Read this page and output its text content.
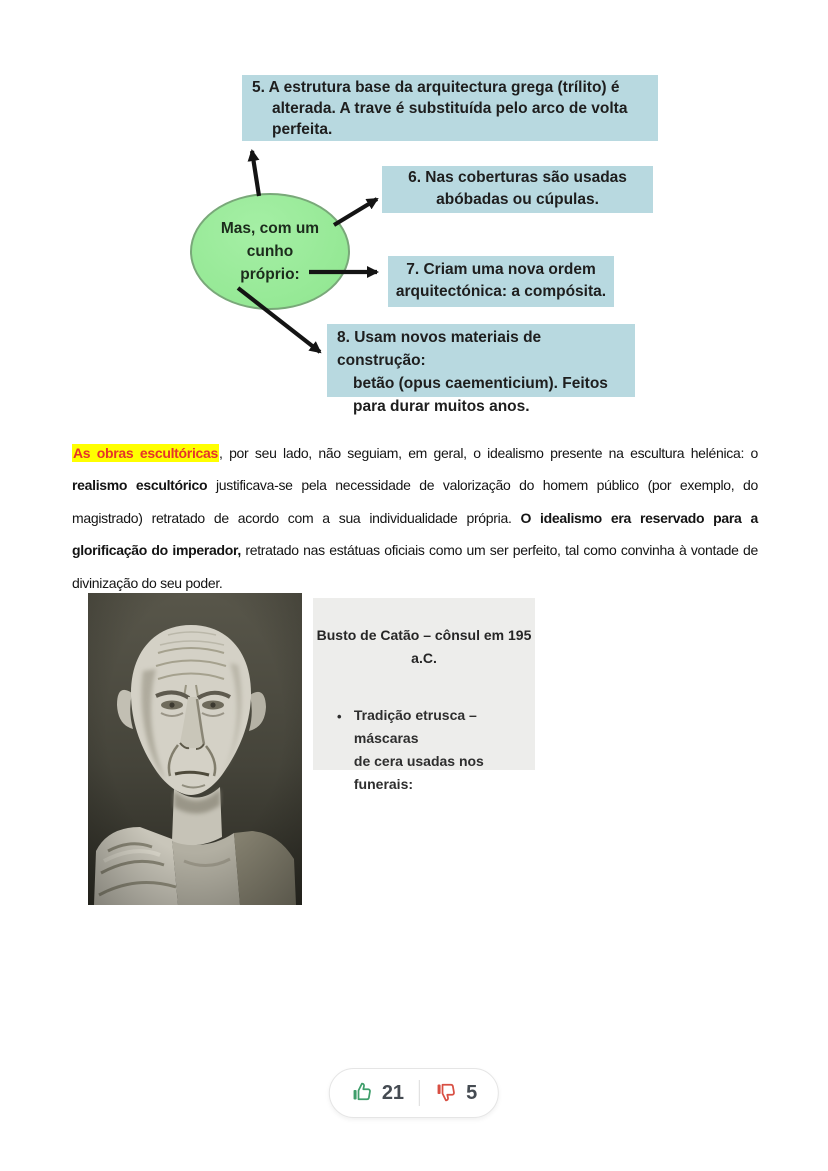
5. A estrutura base da arquitectura grega (trílito) é
alterada. A trave é substituída pelo arco de volta
perfeita.
6. Nas coberturas são usadas
abóbadas ou cúpulas.
7. Criam uma nova ordem
arquitectónica: a compósita.
8. Usam novos materiais de construção:
betão (opus caementicium). Feitos
para durar muitos anos.
Mas, com um
cunho
próprio:

As obras escultóricas, por seu lado, não seguiam, em geral, o idealismo presente na escultura helénica: o realismo escultórico justificava-se pela necessidade de valorização do homem público (por exemplo, do magistrado) retratado de acordo com a sua individualidade própria. O idealismo era reservado para a glorificação do imperador, retratado nas estátuas oficiais como um ser perfeito, tal como convinha à vontade de divinização do seu poder.

Busto de Catão – cônsul em 195
a.C.
• Tradição etrusca – máscaras
de cera usadas nos funerais:
21	5
